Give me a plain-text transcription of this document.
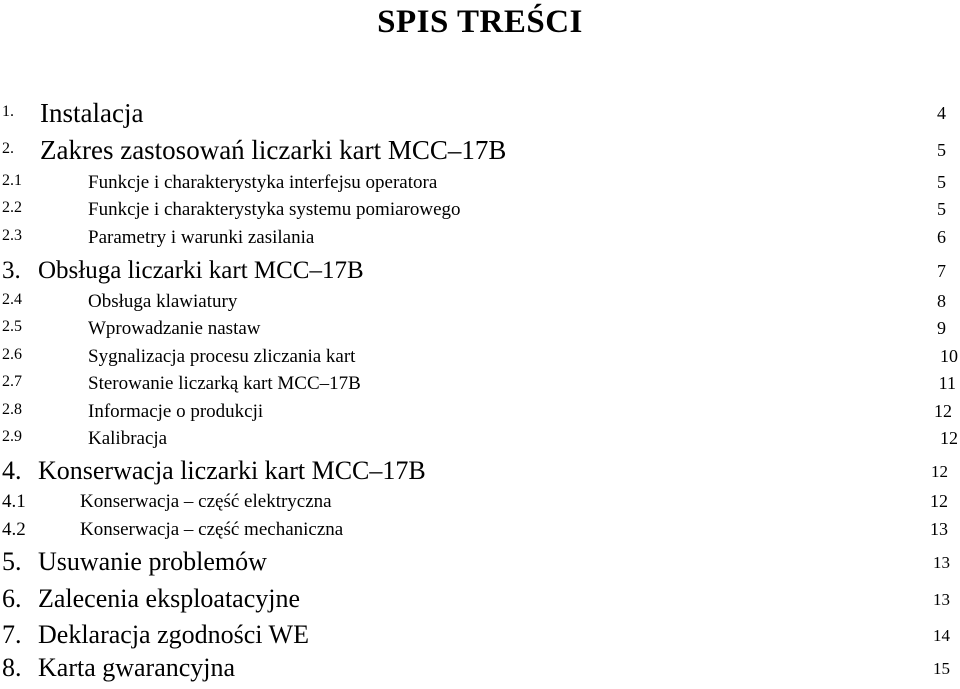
SPIS TREŚCI
1. Instalacja	4
2. Zakres zastosowań liczarki kart MCC–17B	5
2.1	Funkcje i charakterystyka interfejsu operatora	5
2.2	Funkcje i charakterystyka systemu pomiarowego	5
2.3	Parametry i warunki zasilania	6
3. Obsługa liczarki kart MCC–17B	7
2.4	Obsługa klawiatury	8
2.5	Wprowadzanie nastaw	9
2.6	Sygnalizacja procesu zliczania kart	10
2.7	Sterowanie liczarką kart MCC–17B	11
2.8	Informacje o produkcji	12
2.9	Kalibracja	12
4. Konserwacja liczarki kart MCC–17B	12
4.1	Konserwacja – część elektryczna	12
4.2	Konserwacja – część mechaniczna	13
5. Usuwanie problemów	13
6. Zalecenia eksploatacyjne	13
7. Deklaracja zgodności WE	14
8. Karta gwarancyjna	15
